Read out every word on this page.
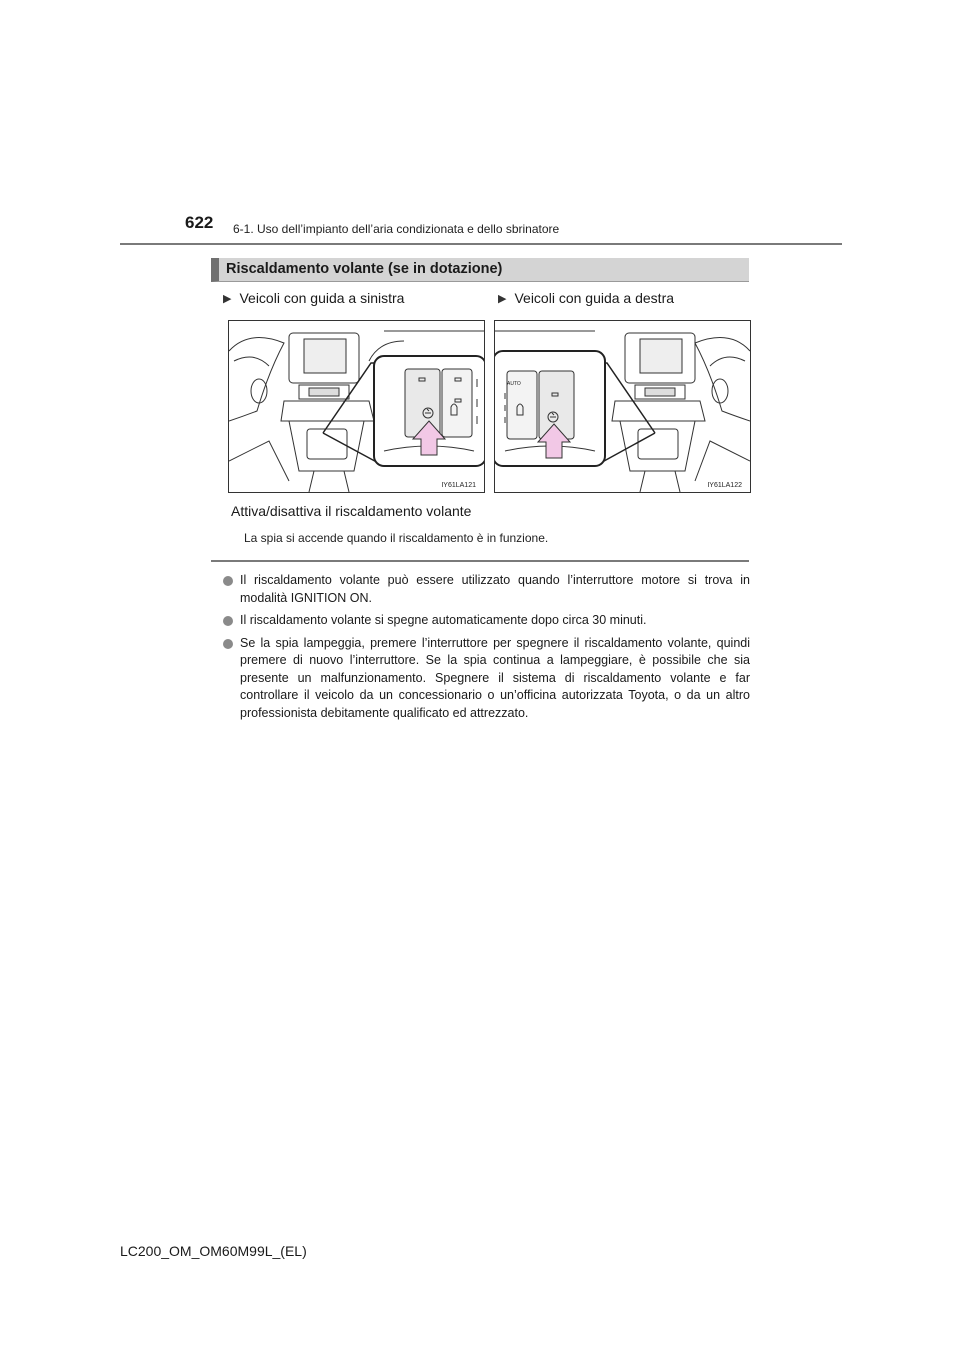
622 6-1. Uso dell’impianto dell’aria condizionata e dello sbrinatore
Riscaldamento volante (se in dotazione)
▶ Veicoli con guida a sinistra	▶ Veicoli con guida a destra
IY61LA121
AUTO
IY61LA122
Attiva/disattiva il riscaldamento volante
La spia si accende quando il riscaldamento è in funzione.
Il riscaldamento volante può essere utilizzato quando l’interruttore motore si trova in modalità IGNITION ON.
Il riscaldamento volante si spegne automaticamente dopo circa 30 minuti.
Se la spia lampeggia, premere l’interruttore per spegnere il riscaldamento volante, quindi premere di nuovo l’interruttore. Se la spia continua a lampeggiare, è possibile che sia presente un malfunzionamento. Spegnere il sistema di riscaldamento volante e far controllare il veicolo da un concessionario o un’officina autorizzata Toyota, o da un altro professionista debitamente qualificato ed attrezzato.
LC200_OM_OM60M99L_(EL)
